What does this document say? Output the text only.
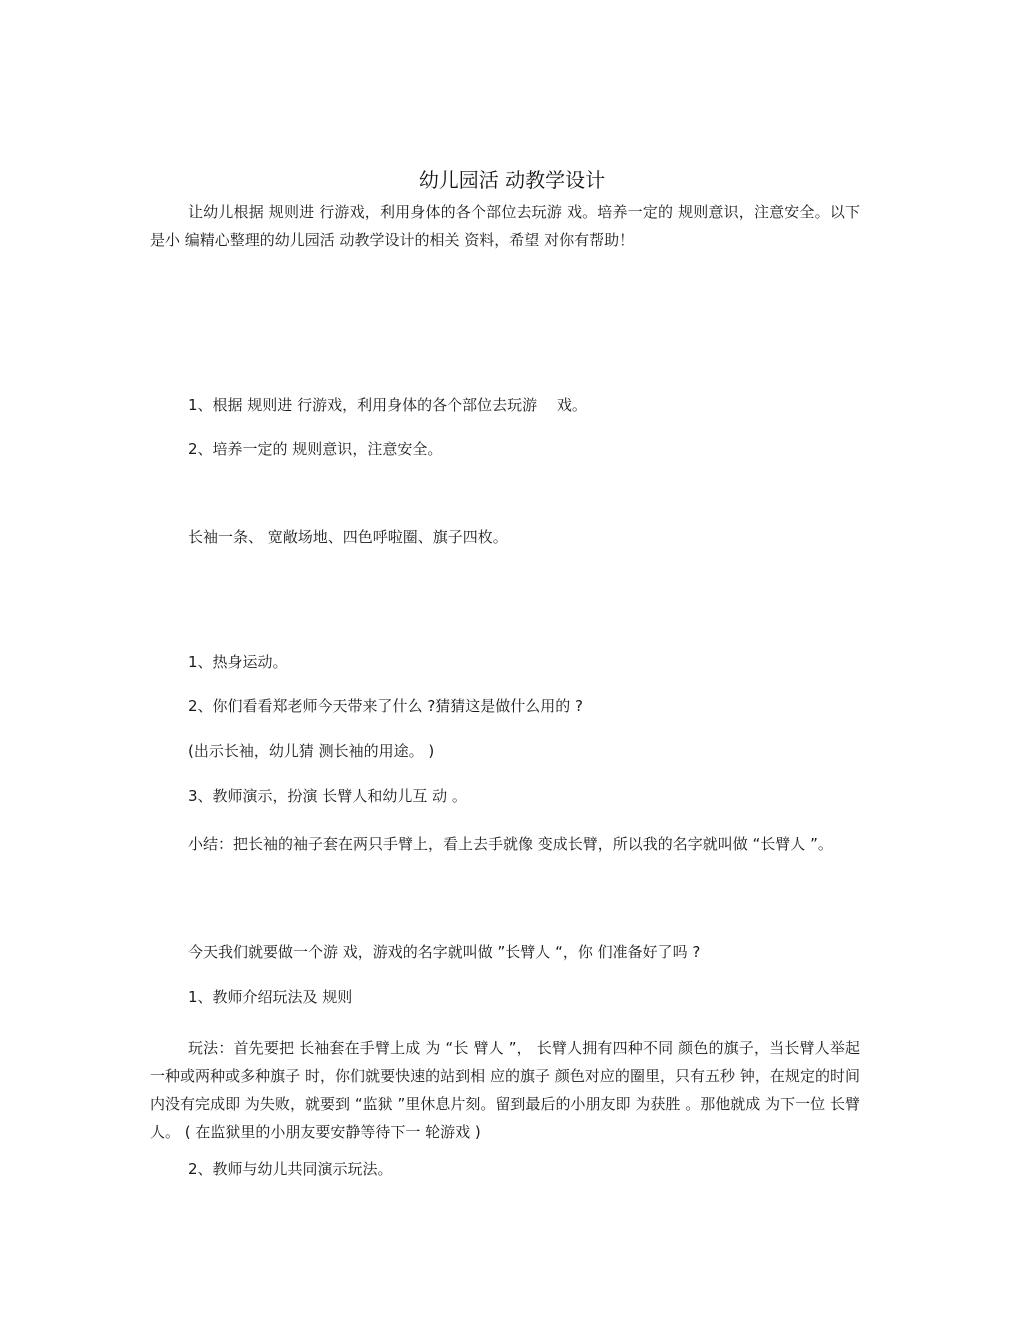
幼儿园活 动教学设计

让幼儿根据 规则进 行游戏，利用身体的各个部位去玩游 戏。培养一定的 规则意识，注意安全。以下是小 编精心整理的幼儿园活 动教学设计的相关 资料，希望 对你有帮助！

1、根据 规则进 行游戏，利用身体的各个部位去玩游　 戏。

2、培养一定的 规则意识，注意安全。

长袖一条、 宽敞场地、四色呼啦圈、旗子四枚。

1、热身运动。

2、你们看看郑老师今天带来了什么 ?猜猜这是做什么用的 ?

(出示长袖，幼儿猜 测长袖的用途。 )

3、教师演示，扮演 长臂人和幼儿互 动 。

小结：把长袖的袖子套在两只手臂上，看上去手就像 变成长臂，所以我的名字就叫做 “长臂人 ”。

今天我们就要做一个游 戏，游戏的名字就叫做 ”长臂人 “，你 们准备好了吗 ?

1、教师介绍玩法及 规则

玩法：首先要把 长袖套在手臂上成 为 “长 臂人 ”， 长臂人拥有四种不同 颜色的旗子，当长臂人举起一种或两种或多种旗子 时，你们就要快速的站到相 应的旗子 颜色对应的圈里，只有五秒 钟，在规定的时间内没有完成即 为失败，就要到 “监狱 ”里休息片刻。留到最后的小朋友即 为获胜 。那他就成 为下一位 长臂人。 ( 在监狱里的小朋友要安静等待下一 轮游戏 )

2、教师与幼儿共同演示玩法。
